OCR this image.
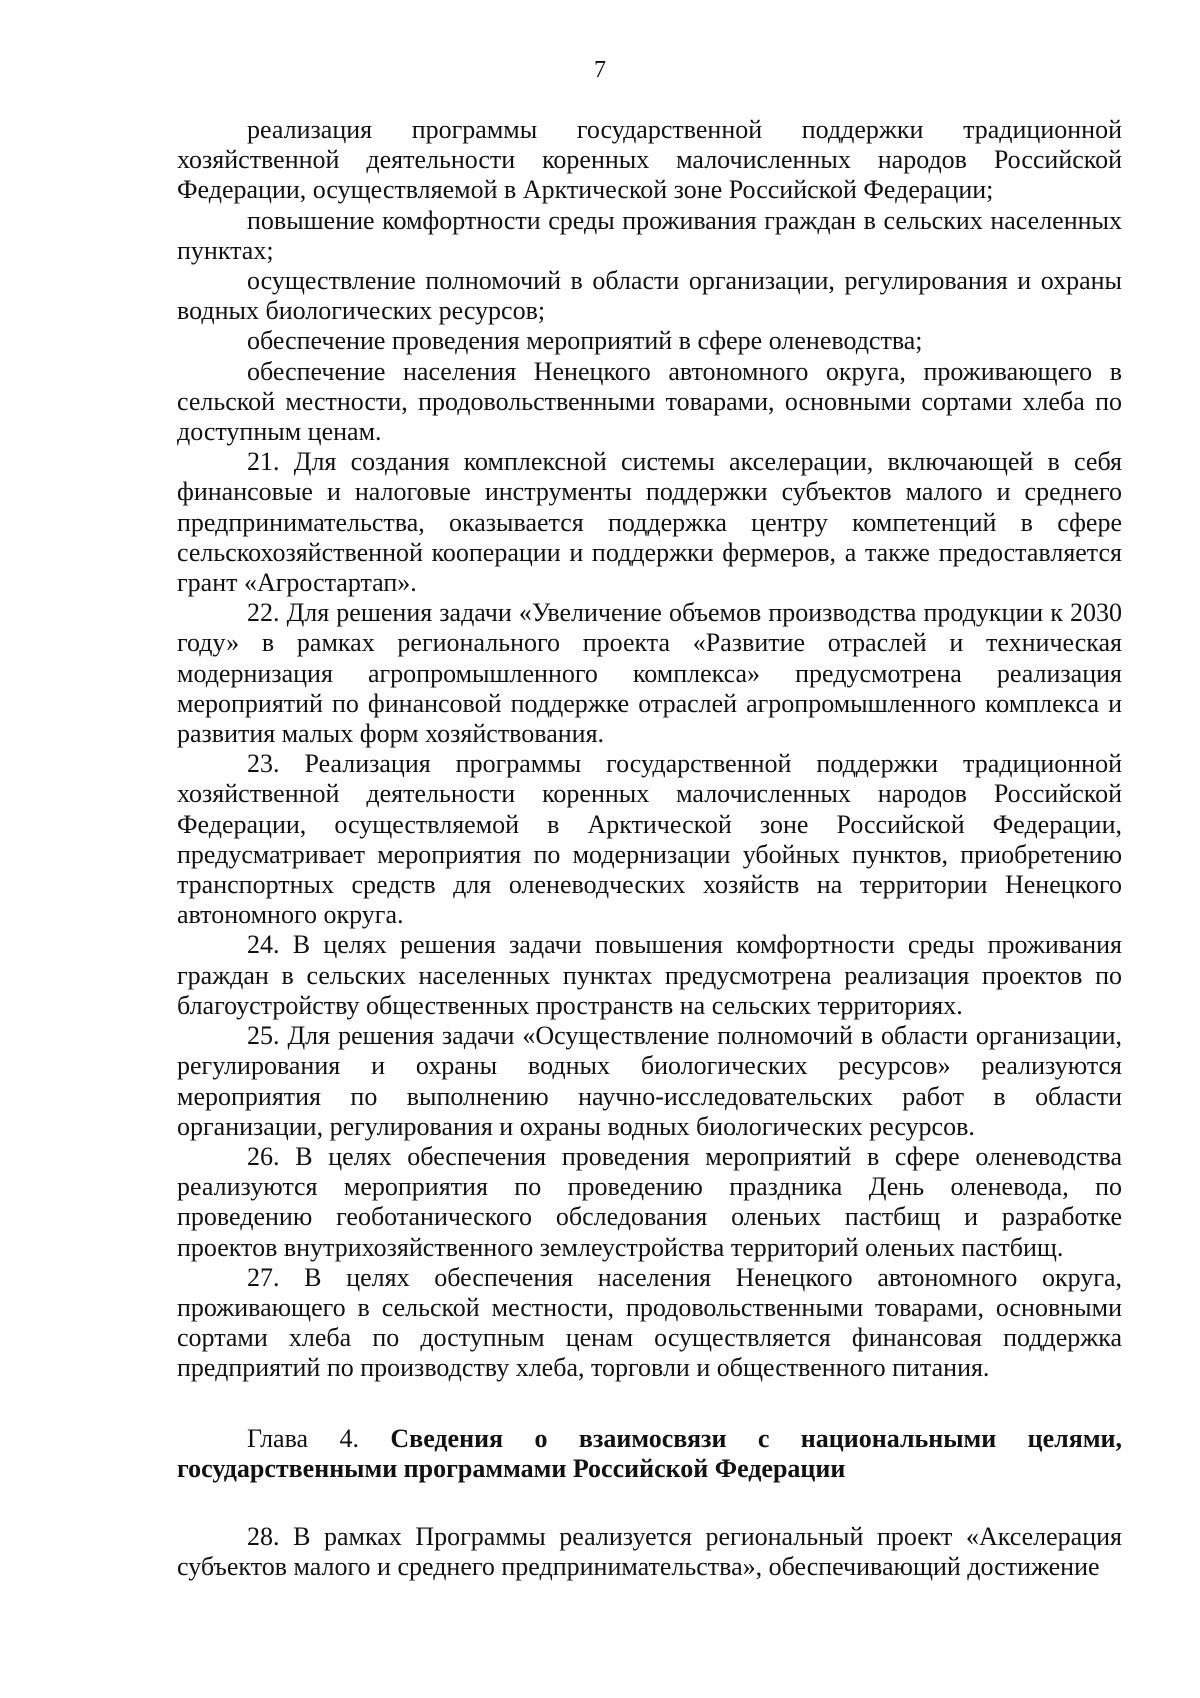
7

реализация программы государственной поддержки традиционной хозяйственной деятельности коренных малочисленных народов Российской Федерации, осуществляемой в Арктической зоне Российской Федерации;

повышение комфортности среды проживания граждан в сельских населенных пунктах;

осуществление полномочий в области организации, регулирования и охраны водных биологических ресурсов;

обеспечение проведения мероприятий в сфере оленеводства;

обеспечение населения Ненецкого автономного округа, проживающего в сельской местности, продовольственными товарами, основными сортами хлеба по доступным ценам.

21. Для создания комплексной системы акселерации, включающей в себя финансовые и налоговые инструменты поддержки субъектов малого и среднего предпринимательства, оказывается поддержка центру компетенций в сфере сельскохозяйственной кооперации и поддержки фермеров, а также предоставляется грант «Агростартап».

22. Для решения задачи «Увеличение объемов производства продукции к 2030 году» в рамках регионального проекта «Развитие отраслей и техническая модернизация агропромышленного комплекса» предусмотрена реализация мероприятий по финансовой поддержке отраслей агропромышленного комплекса и развития малых форм хозяйствования.

23. Реализация программы государственной поддержки традиционной хозяйственной деятельности коренных малочисленных народов Российской Федерации, осуществляемой в Арктической зоне Российской Федерации, предусматривает мероприятия по модернизации убойных пунктов, приобретению транспортных средств для оленеводческих хозяйств на территории Ненецкого автономного округа.

24. В целях решения задачи повышения комфортности среды проживания граждан в сельских населенных пунктах предусмотрена реализация проектов по благоустройству общественных пространств на сельских территориях.

25. Для решения задачи «Осуществление полномочий в области организации, регулирования и охраны водных биологических ресурсов» реализуются мероприятия по выполнению научно-исследовательских работ в области организации, регулирования и охраны водных биологических ресурсов.

26. В целях обеспечения проведения мероприятий в сфере оленеводства реализуются мероприятия по проведению праздника День оленевода, по проведению геоботанического обследования оленьих пастбищ и разработке проектов внутрихозяйственного землеустройства территорий оленьих пастбищ.

27. В целях обеспечения населения Ненецкого автономного округа, проживающего в сельской местности, продовольственными товарами, основными сортами хлеба по доступным ценам осуществляется финансовая поддержка предприятий по производству хлеба, торговли и общественного питания.

Глава 4. Сведения о взаимосвязи с национальными целями, государственными программами Российской Федерации

28. В рамках Программы реализуется региональный проект «Акселерация субъектов малого и среднего предпринимательства», обеспечивающий достижение
